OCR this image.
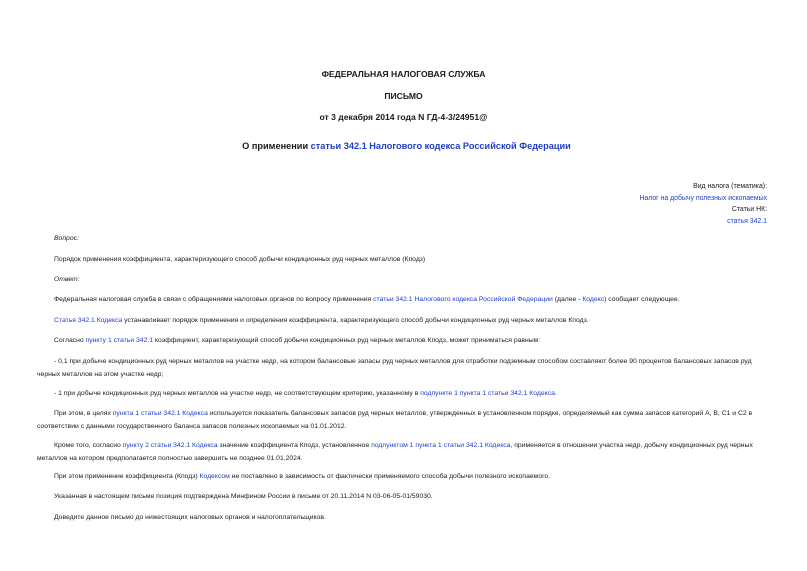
ФЕДЕРАЛЬНАЯ НАЛОГОВАЯ СЛУЖБА
ПИСЬМО
от 3 декабря 2014 года N ГД-4-3/24951@
О применении статьи 342.1 Налогового кодекса Российской Федерации
Вид налога (тематика):
Налог на добычу полезных ископаемых
Статьи НК:
статья 342.1
Вопрос:
Порядок применения коэффициента, характеризующего способ добычи кондиционных руд черных металлов (Кподз)
Ответ:
Федеральная налоговая служба в связи с обращениями налоговых органов по вопросу применения статьи 342.1 Налогового кодекса Российской Федерации (далее - Кодекс) сообщает следующее.
Статья 342.1 Кодекса устанавливает порядок применения и определения коэффициента, характеризующего способ добычи кондиционных руд черных металлов Кподз.
Согласно пункту 1 статьи 342.1 коэффициент, характеризующий способ добычи кондиционных руд черных металлов Кподз, может приниматься равным:
- 0,1 при добыче кондиционных руд черных металлов на участке недр, на котором балансовые запасы руд черных металлов для отработки подземным способом составляют более 90 процентов балансовых запасов руд черных металлов на этом участке недр;
- 1 при добыче кондиционных руд черных металлов на участке недр, не соответствующем критерию, указанному в подпункте 1 пункта 1 статьи 342.1 Кодекса.
При этом, в целях пункта 1 статьи 342.1 Кодекса используется показатель балансовых запасов руд черных металлов, утвержденных в установленном порядке, определяемый как сумма запасов категорий А, В, С1 и С2 в соответствии с данными государственного баланса запасов полезных ископаемых на 01.01.2012.
Кроме того, согласно пункту 2 статьи 342.1 Кодекса значение коэффициента Кподз, установленное подпунктом 1 пункта 1 статьи 342.1 Кодекса, применяется в отношении участка недр, добычу кондиционных руд черных металлов на котором предполагается полностью завершить не позднее 01.01.2024.
При этом применение коэффициента (Кподз) Кодексом не поставлено в зависимость от фактически применяемого способа добычи полезного ископаемого.
Указанная в настоящем письме позиция подтверждена Минфином России в письме от 20.11.2014 N 03-06-05-01/59030.
Доведите данное письмо до нижестоящих налоговых органов и налогоплательщиков.
